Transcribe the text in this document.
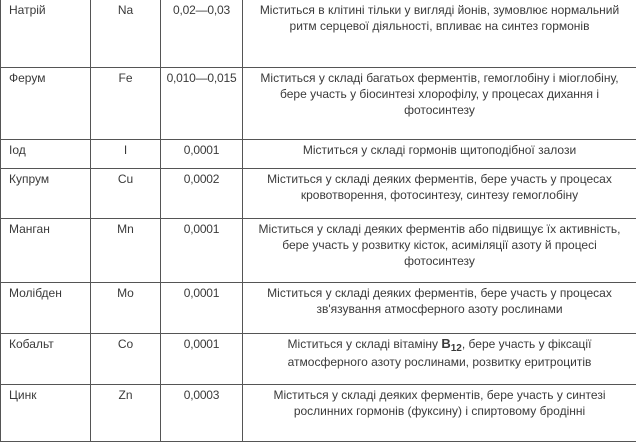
Натрій	Na	0,02—0,03	Міститься в клітині тільки у вигляді йонів, зумовлює нормальний ритм серцевої діяльності, впливає на синтез гормонів

Ферум	Fe	0,010—0,015	Міститься у складі багатьох ферментів, гемоглобіну і міоглобіну, бере участь у біосинтезі хлорофілу, у процесах дихання і фотосинтезу

Іод	I	0,0001	Міститься у складі гормонів щитоподібної залози

Купрум	Cu	0,0002	Міститься у складі деяких ферментів, бере участь у процесах кровотворення, фотосинтезу, синтезу гемоглобіну

Манган	Mn	0,0001	Міститься у складі деяких ферментів або підвищує їх активність, бере участь у розвитку кісток, асиміляції азоту й процесі фотосинтезу

Молібден	Mo	0,0001	Міститься у складі деяких ферментів, бере участь у процесах зв'язування атмосферного азоту рослинами

Кобальт	Co	0,0001	Міститься у складі вітаміну $B_{12}$, бере участь у фіксації атмосферного азоту рослинами, розвитку еритроцитів

Цинк	Zn	0,0003	Міститься у складі деяких ферментів, бере участь у синтезі рослинних гормонів (фуксину) і спиртовому бродінні
